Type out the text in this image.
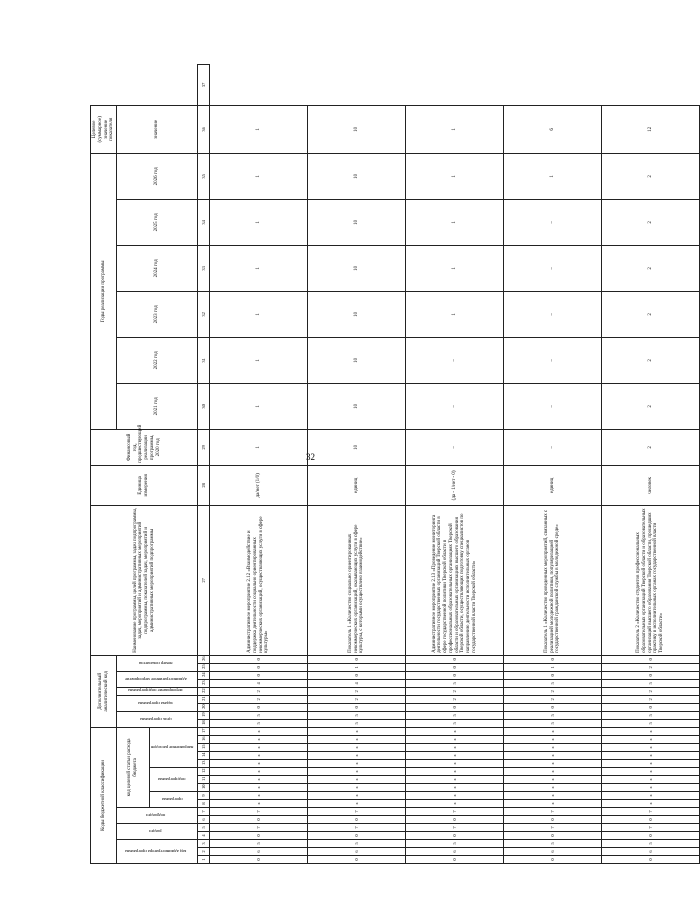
32
Коды бюджетной классификации																	Дополнительный аналитический код									Наименование программы, целей программы, задач подпрограммы, задач, мероприятий и административных мероприятий подпрограммы, показателей задач, мероприятий и административных мероприятий подпрограммы	Единица измерения	Финансовый год, предшествующий реализации программы, 2020 год	Годы реализации программы						Целевое (суммарное) значение показателя	
код администратора программы			раздел		подраздел		код целевой статьи расхода бюджета										цель программы		задача программы		мероприятие подпрограммы	административное мероприятие		номер показателя					2021 год	2022 год	2023 год	2024 год	2025 год	2026 год	значение	
							программа		подпрограмма			направление расходов																								
1	2	3	4	5	6	7	8	9	10	11	12	13	14	15	16	17	18	19	20	21	22	23	24	25	26	27	28	29	30	31	32	33	34	35	36	37
0	6	5	0	7	0	7	х	х	х	х	х	х	х	х	х	х	5	5	0	2	2	4	0	0	0	Административное мероприятие 2.12 «Взаимодействие и поддержка деятельности социально ориентированных некоммерческих организаций, осуществляющих услуги в сфере культуры»	да/нет (1/0)	1	1	1	1	1	1	1	1	
0	6	5	0	7	0	7	х	х	х	х	х	х	х	х	х	х	5	5	0	2	2	4	0	1	0	Показатель 1 «Количество социально ориентированных некоммерческих организаций, оказывающих услуги в сфере культуры, с которыми осуществлено взаимодействие»	единиц	10	10	10	10	10	10	10	10	
0	6	5	0	7	0	7	х	х	х	х	х	х	х	х	х	х	5	5	0	2	2	5	0	0	0	Административное мероприятие 2.13 «Проведение мониторинга деятельности государственных организаций Тверской области в сфере государственной политики Тверской области в профессиональных образовательных организациях Тверской области и образовательных организациях высшего образования Тверской области, осуществляющих подготовку специалистов по направлению деятельности исполнительных органов государственной власти Тверской области»	(да - 1/нет - 0)	–	–	–	1	1	1	1	1	
0	6	5	0	7	0	7	х	х	х	х	х	х	х	х	х	х	5	5	0	2	2	5	0	1	0	Показатель 1 «Количество проведенных мероприятий, связанных с реализацией молодежной политики, популяризацией государственной гражданской службы в молодежной среде»	единиц	–	–	–	–	–	–	1	6	
0	6	5	0	7	0	7	х	х	х	х	х	х	х	х	х	х	5	5	0	2	2	5	0	2	0	Показатель 2 «Количество студентов профессиональных образовательных организаций Тверской области и образовательных организаций высшего образования Тверской области, прошедших практику в исполнительных органах государственной власти Тверской области»	человек	2	2	2	2	2	2	2	12	
